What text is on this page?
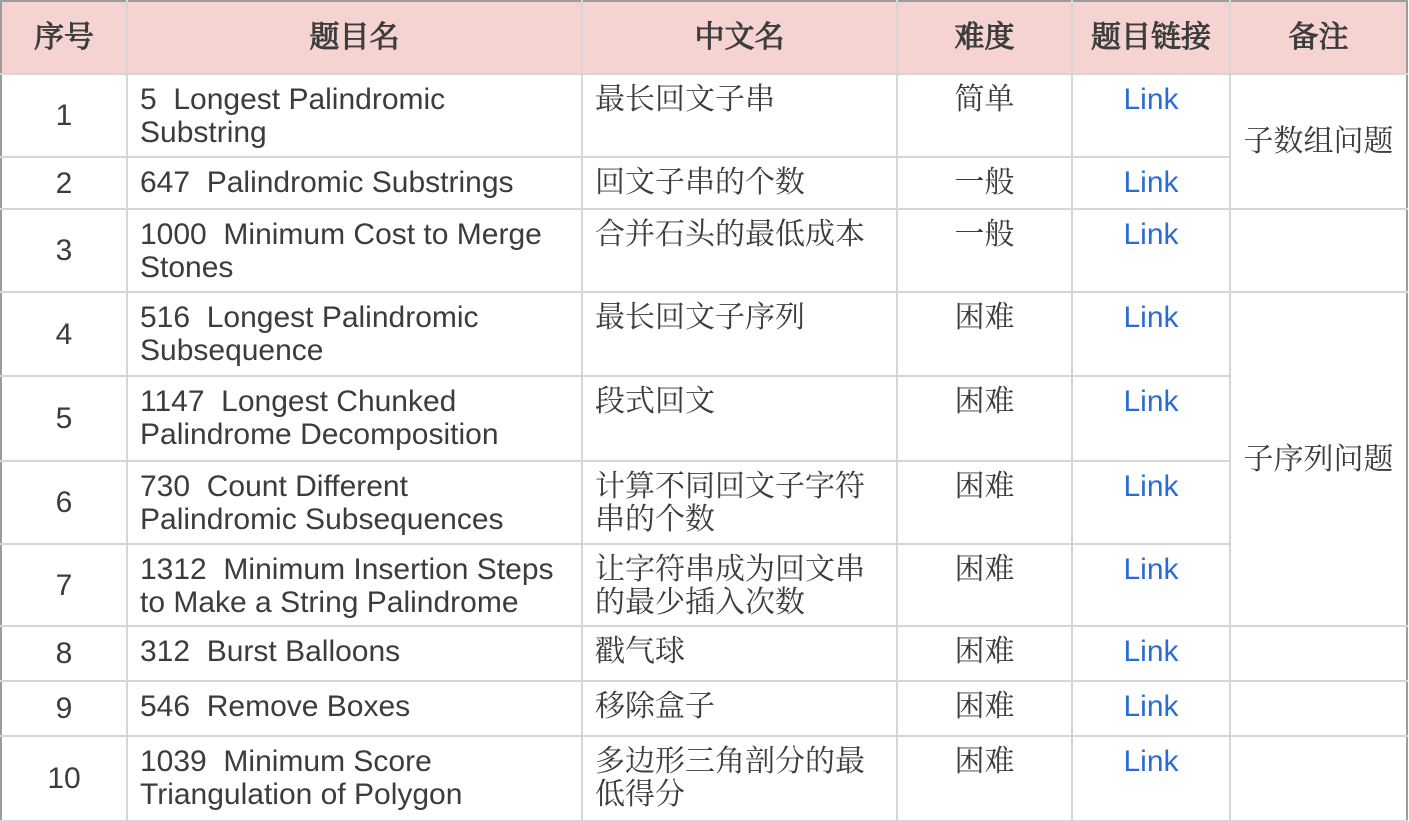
序号	题目名	中文名	难度	题目链接	备注
1	5  Longest Palindromic Substring	最长回文子串	简单	Link	子数组问题
2	647  Palindromic Substrings	回文子串的个数	一般	Link	
3	1000  Minimum Cost to Merge Stones	合并石头的最低成本	一般	Link	
4	516  Longest Palindromic Subsequence	最长回文子序列	困难	Link	子序列问题
5	1147  Longest Chunked Palindrome Decomposition	段式回文	困难	Link	
6	730  Count Different Palindromic Subsequences	计算不同回文子字符串的个数	困难	Link	
7	1312  Minimum Insertion Steps to Make a String Palindrome	让字符串成为回文串的最少插入次数	困难	Link	
8	312  Burst Balloons	戳气球	困难	Link	
9	546  Remove Boxes	移除盒子	困难	Link	
10	1039  Minimum Score Triangulation of Polygon	多边形三角剖分的最低得分	困难	Link	
